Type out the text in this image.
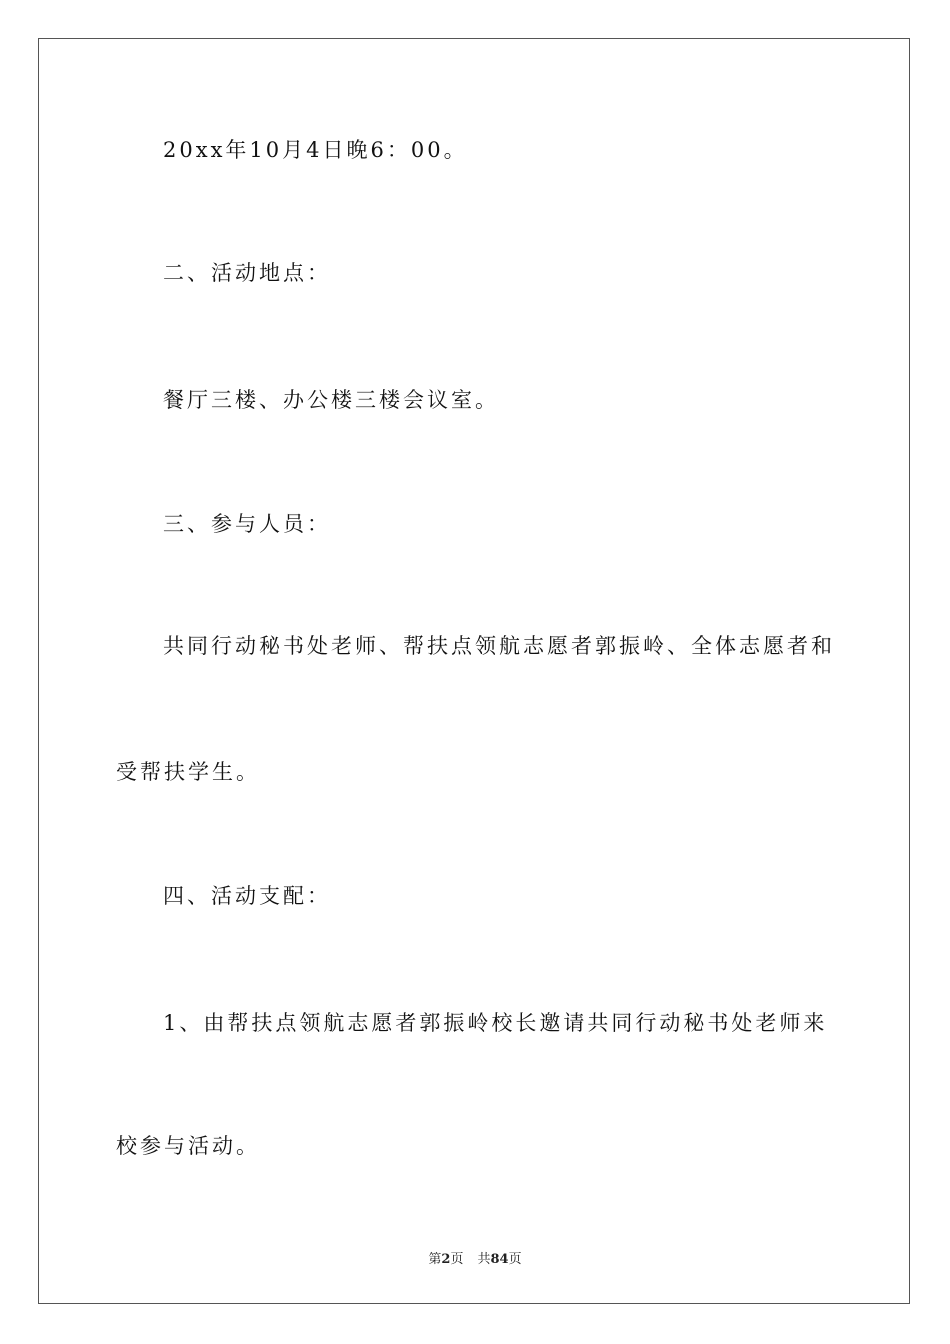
20xx年10月4日晚6：00。
二、活动地点：
餐厅三楼、办公楼三楼会议室。
三、参与人员：
共同行动秘书处老师、帮扶点领航志愿者郭振岭、全体志愿者和
受帮扶学生。
四、活动支配：
1、由帮扶点领航志愿者郭振岭校长邀请共同行动秘书处老师来
校参与活动。
第2页 共84页
